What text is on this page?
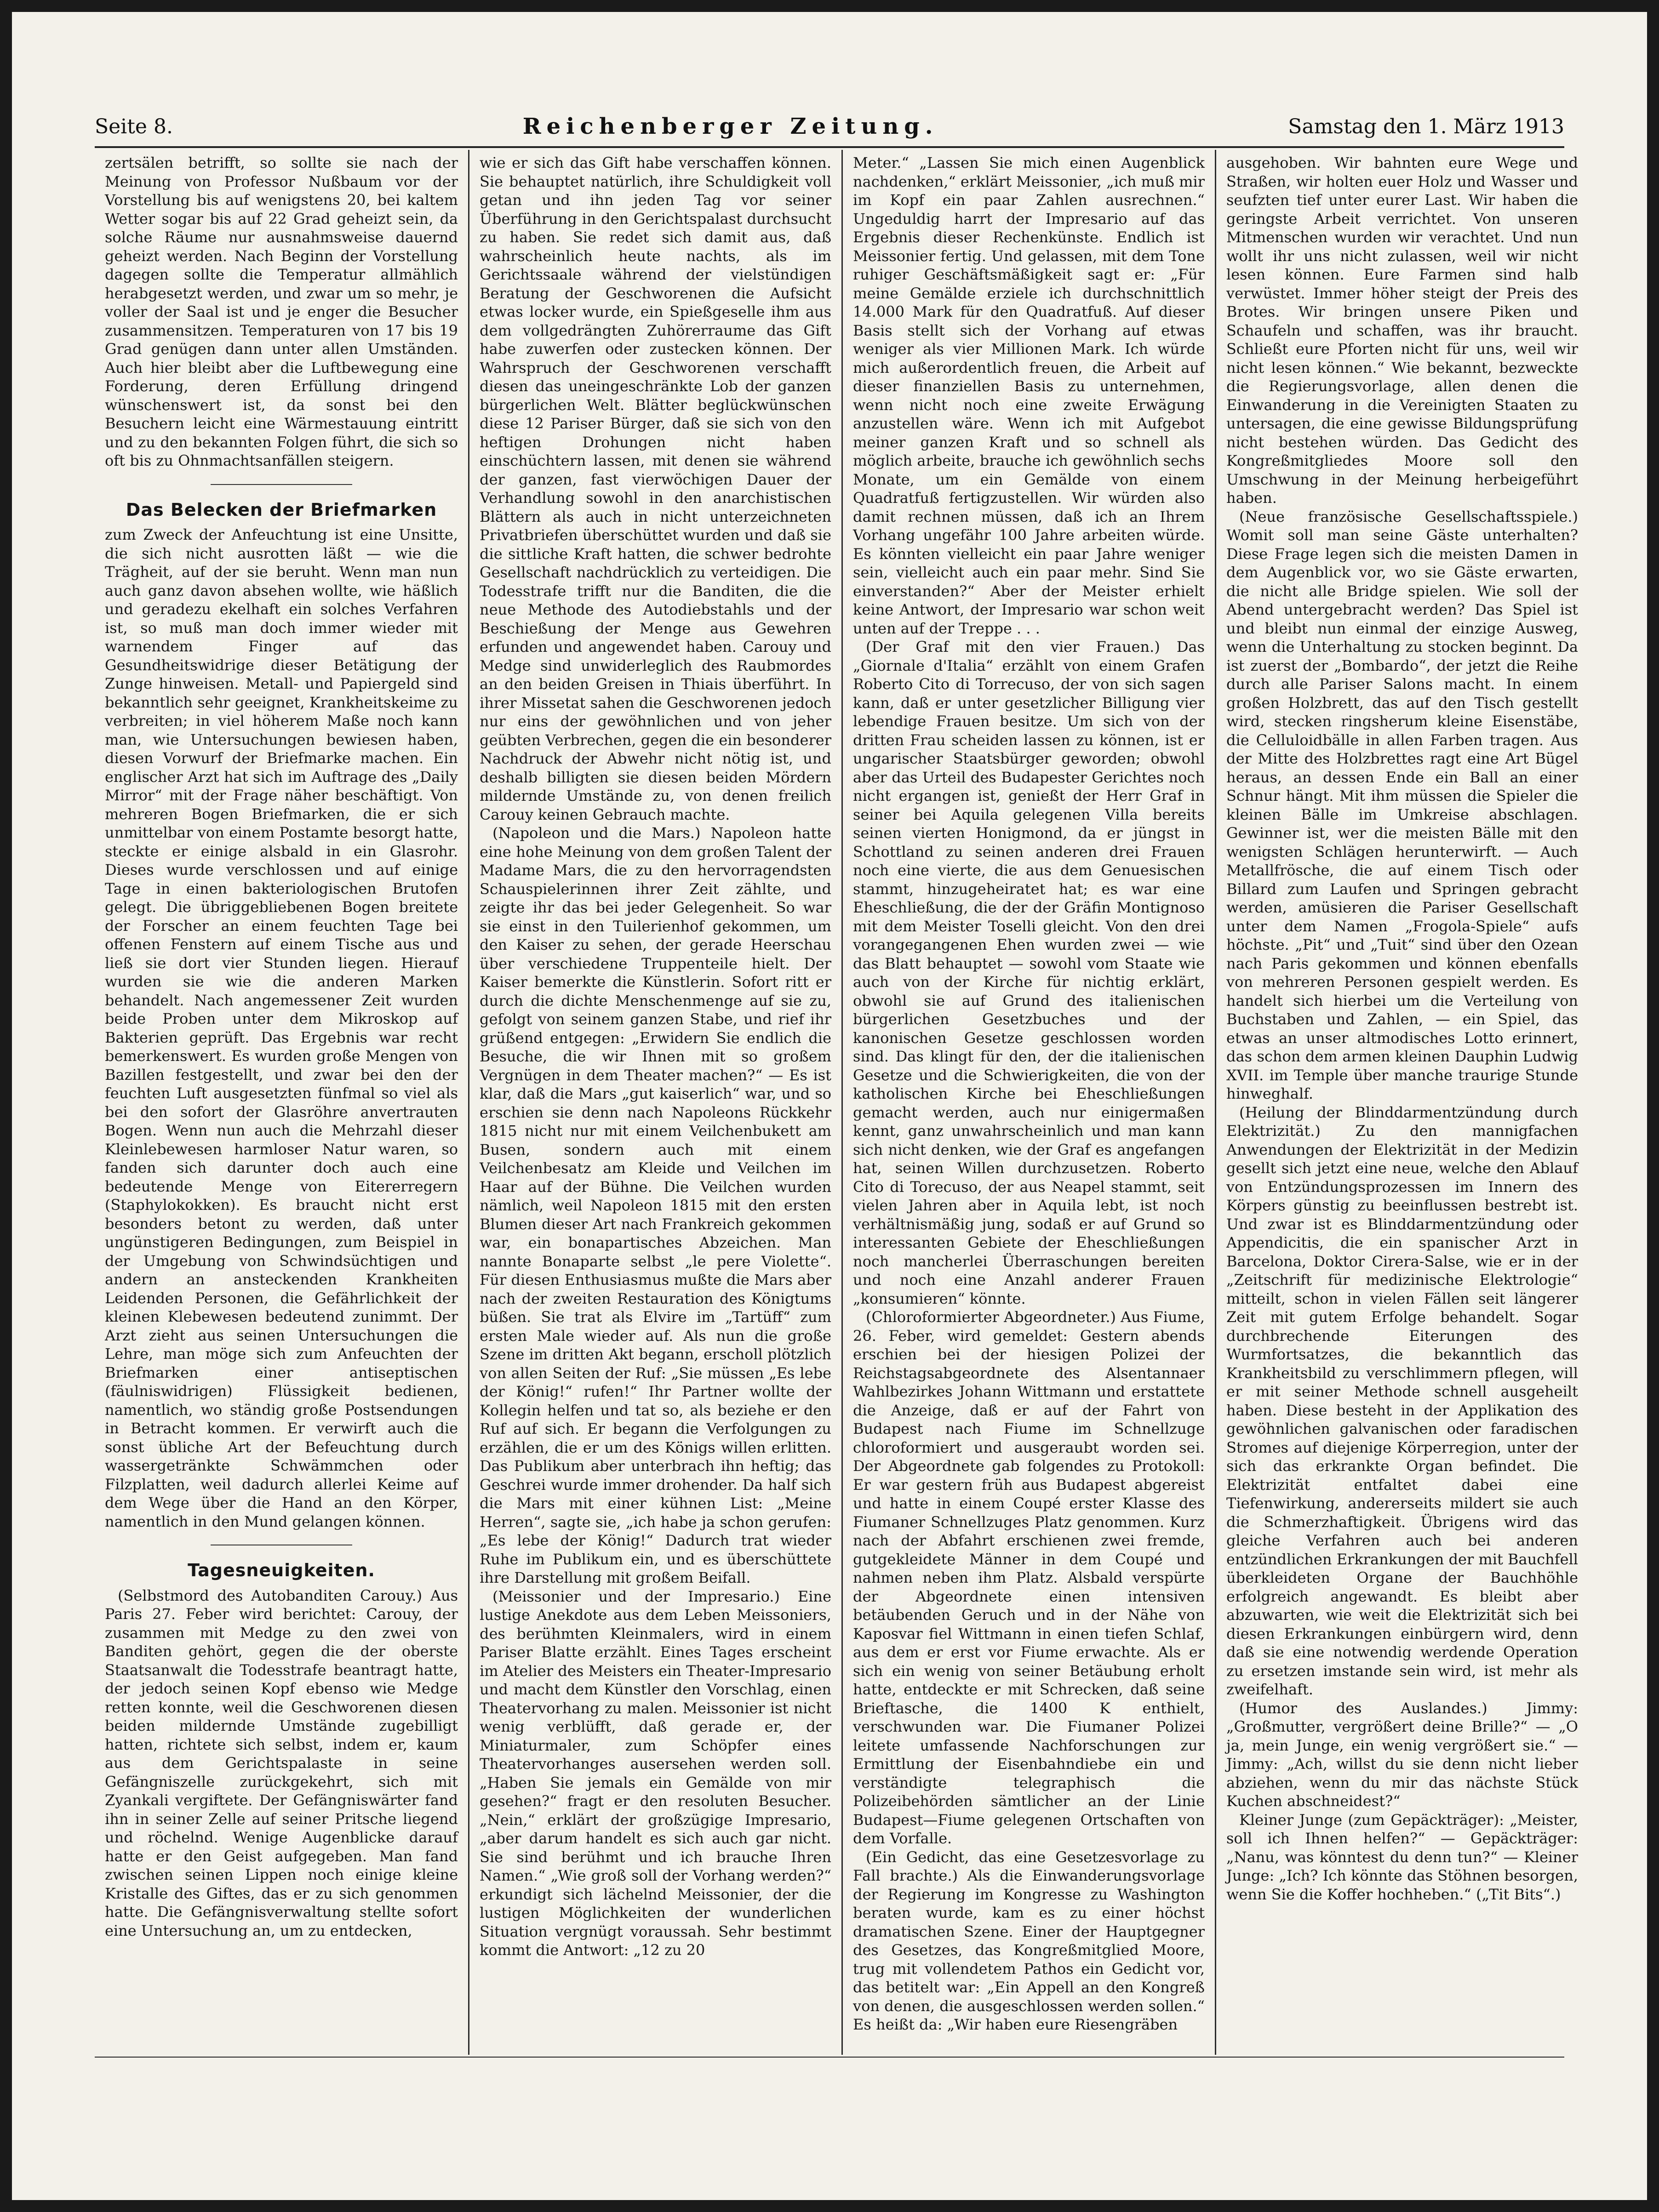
Seite 8.	Reichenberger Zeitung.	Samstag den 1. März 1913

zertsälen betrifft, so sollte sie nach der Meinung von Professor Nußbaum vor der Vorstellung bis auf wenigstens 20, bei kaltem Wetter sogar bis auf 22 Grad geheizt sein, da solche Räume nur ausnahmsweise dauernd geheizt werden. Nach Beginn der Vorstellung dagegen sollte die Temperatur allmählich herabgesetzt werden, und zwar um so mehr, je voller der Saal ist und je enger die Besucher zusammensitzen. Temperaturen von 17 bis 19 Grad genügen dann unter allen Umständen. Auch hier bleibt aber die Luftbewegung eine Forderung, deren Erfüllung dringend wünschenswert ist, da sonst bei den Besuchern leicht eine Wärmestauung eintritt und zu den bekannten Folgen führt, die sich so oft bis zu Ohnmachtsanfällen steigern.

Das Belecken der Briefmarken

zum Zweck der Anfeuchtung ist eine Unsitte, die sich nicht ausrotten läßt — wie die Trägheit, auf der sie beruht. Wenn man nun auch ganz davon absehen wollte, wie häßlich und geradezu ekelhaft ein solches Verfahren ist, so muß man doch immer wieder mit warnendem Finger auf das Gesundheitswidrige dieser Betätigung der Zunge hinweisen. Metall- und Papiergeld sind bekanntlich sehr geeignet, Krankheitskeime zu verbreiten; in viel höherem Maße noch kann man, wie Untersuchungen bewiesen haben, diesen Vorwurf der Briefmarke machen. Ein englischer Arzt hat sich im Auftrage des „Daily Mirror“ mit der Frage näher beschäftigt. Von mehreren Bogen Briefmarken, die er sich unmittelbar von einem Postamte besorgt hatte, steckte er einige alsbald in ein Glasrohr. Dieses wurde verschlossen und auf einige Tage in einen bakteriologischen Brutofen gelegt. Die übriggebliebenen Bogen breitete der Forscher an einem feuchten Tage bei offenen Fenstern auf einem Tische aus und ließ sie dort vier Stunden liegen. Hierauf wurden sie wie die anderen Marken behandelt. Nach angemessener Zeit wurden beide Proben unter dem Mikroskop auf Bakterien geprüft. Das Ergebnis war recht bemerkenswert. Es wurden große Mengen von Bazillen festgestellt, und zwar bei den der feuchten Luft ausgesetzten fünfmal so viel als bei den sofort der Glasröhre anvertrauten Bogen. Wenn nun auch die Mehrzahl dieser Kleinlebewesen harmloser Natur waren, so fanden sich darunter doch auch eine bedeutende Menge von Eitererregern (Staphylokokken). Es braucht nicht erst besonders betont zu werden, daß unter ungünstigeren Bedingungen, zum Beispiel in der Umgebung von Schwindsüchtigen und andern an ansteckenden Krankheiten Leidenden Personen, die Gefährlichkeit der kleinen Klebewesen bedeutend zunimmt. Der Arzt zieht aus seinen Untersuchungen die Lehre, man möge sich zum Anfeuchten der Briefmarken einer antiseptischen (fäulniswidrigen) Flüssigkeit bedienen, namentlich, wo ständig große Postsendungen in Betracht kommen. Er verwirft auch die sonst übliche Art der Befeuchtung durch wassergetränkte Schwämmchen oder Filzplatten, weil dadurch allerlei Keime auf dem Wege über die Hand an den Körper, namentlich in den Mund gelangen können.

Tagesneuigkeiten.

(Selbstmord des Autobanditen Carouy.) Aus Paris 27. Feber wird berichtet: Carouy, der zusammen mit Medge zu den zwei von Banditen gehört, gegen die der oberste Staatsanwalt die Todesstrafe beantragt hatte, der jedoch seinen Kopf ebenso wie Medge retten konnte, weil die Geschworenen diesen beiden mildernde Umstände zugebilligt hatten, richtete sich selbst, indem er, kaum aus dem Gerichtspalaste in seine Gefängniszelle zurückgekehrt, sich mit Zyankali vergiftete. Der Gefängniswärter fand ihn in seiner Zelle auf seiner Pritsche liegend und röchelnd. Wenige Augenblicke darauf hatte er den Geist aufgegeben. Man fand zwischen seinen Lippen noch einige kleine Kristalle des Giftes, das er zu sich genommen hatte. Die Gefängnisverwaltung stellte sofort eine Untersuchung an, um zu entdecken,

wie er sich das Gift habe verschaffen können. Sie behauptet natürlich, ihre Schuldigkeit voll getan und ihn jeden Tag vor seiner Überführung in den Gerichtspalast durchsucht zu haben. Sie redet sich damit aus, daß wahrscheinlich heute nachts, als im Gerichtssaale während der vielstündigen Beratung der Geschworenen die Aufsicht etwas locker wurde, ein Spießgeselle ihm aus dem vollgedrängten Zuhörerraume das Gift habe zuwerfen oder zustecken können. Der Wahrspruch der Geschworenen verschafft diesen das uneingeschränkte Lob der ganzen bürgerlichen Welt. Blätter beglückwünschen diese 12 Pariser Bürger, daß sie sich von den heftigen Drohungen nicht haben einschüchtern lassen, mit denen sie während der ganzen, fast vierwöchigen Dauer der Verhandlung sowohl in den anarchistischen Blättern als auch in nicht unterzeichneten Privatbriefen überschüttet wurden und daß sie die sittliche Kraft hatten, die schwer bedrohte Gesellschaft nachdrücklich zu verteidigen. Die Todesstrafe trifft nur die Banditen, die die neue Methode des Autodiebstahls und der Beschießung der Menge aus Gewehren erfunden und angewendet haben. Carouy und Medge sind unwiderleglich des Raubmordes an den beiden Greisen in Thiais überführt. In ihrer Missetat sahen die Geschworenen jedoch nur eins der gewöhnlichen und von jeher geübten Verbrechen, gegen die ein besonderer Nachdruck der Abwehr nicht nötig ist, und deshalb billigten sie diesen beiden Mördern mildernde Umstände zu, von denen freilich Carouy keinen Gebrauch machte.

(Napoleon und die Mars.) Napoleon hatte eine hohe Meinung von dem großen Talent der Madame Mars, die zu den hervorragendsten Schauspielerinnen ihrer Zeit zählte, und zeigte ihr das bei jeder Gelegenheit. So war sie einst in den Tuilerienhof gekommen, um den Kaiser zu sehen, der gerade Heerschau über verschiedene Truppenteile hielt. Der Kaiser bemerkte die Künstlerin. Sofort ritt er durch die dichte Menschenmenge auf sie zu, gefolgt von seinem ganzen Stabe, und rief ihr grüßend entgegen: „Erwidern Sie endlich die Besuche, die wir Ihnen mit so großem Vergnügen in dem Theater machen?“ — Es ist klar, daß die Mars „gut kaiserlich“ war, und so erschien sie denn nach Napoleons Rückkehr 1815 nicht nur mit einem Veilchenbukett am Busen, sondern auch mit einem Veilchenbesatz am Kleide und Veilchen im Haar auf der Bühne. Die Veilchen wurden nämlich, weil Napoleon 1815 mit den ersten Blumen dieser Art nach Frankreich gekommen war, ein bonapartisches Abzeichen. Man nannte Bonaparte selbst „le pere Violette“. Für diesen Enthusiasmus mußte die Mars aber nach der zweiten Restauration des Königtums büßen. Sie trat als Elvire im „Tartüff“ zum ersten Male wieder auf. Als nun die große Szene im dritten Akt begann, erscholl plötzlich von allen Seiten der Ruf: „Sie müssen „Es lebe der König!“ rufen!“ Ihr Partner wollte der Kollegin helfen und tat so, als beziehe er den Ruf auf sich. Er begann die Verfolgungen zu erzählen, die er um des Königs willen erlitten. Das Publikum aber unterbrach ihn heftig; das Geschrei wurde immer drohender. Da half sich die Mars mit einer kühnen List: „Meine Herren“, sagte sie, „ich habe ja schon gerufen: „Es lebe der König!“ Dadurch trat wieder Ruhe im Publikum ein, und es überschüttete ihre Darstellung mit großem Beifall.

(Meissonier und der Impresario.) Eine lustige Anekdote aus dem Leben Meissoniers, des berühmten Kleinmalers, wird in einem Pariser Blatte erzählt. Eines Tages erscheint im Atelier des Meisters ein Theater-Impresario und macht dem Künstler den Vorschlag, einen Theatervorhang zu malen. Meissonier ist nicht wenig verblüfft, daß gerade er, der Miniaturmaler, zum Schöpfer eines Theatervorhanges ausersehen werden soll. „Haben Sie jemals ein Gemälde von mir gesehen?“ fragt er den resoluten Besucher. „Nein,“ erklärt der großzügige Impresario, „aber darum handelt es sich auch gar nicht. Sie sind berühmt und ich brauche Ihren Namen.“ „Wie groß soll der Vorhang werden?“ erkundigt sich lächelnd Meissonier, der die lustigen Möglichkeiten der wunderlichen Situation vergnügt voraussah. Sehr bestimmt kommt die Antwort: „12 zu 20

Meter.“ „Lassen Sie mich einen Augenblick nachdenken,“ erklärt Meissonier, „ich muß mir im Kopf ein paar Zahlen ausrechnen.“ Ungeduldig harrt der Impresario auf das Ergebnis dieser Rechenkünste. Endlich ist Meissonier fertig. Und gelassen, mit dem Tone ruhiger Geschäftsmäßigkeit sagt er: „Für meine Gemälde erziele ich durchschnittlich 14.000 Mark für den Quadratfuß. Auf dieser Basis stellt sich der Vorhang auf etwas weniger als vier Millionen Mark. Ich würde mich außerordentlich freuen, die Arbeit auf dieser finanziellen Basis zu unternehmen, wenn nicht noch eine zweite Erwägung anzustellen wäre. Wenn ich mit Aufgebot meiner ganzen Kraft und so schnell als möglich arbeite, brauche ich gewöhnlich sechs Monate, um ein Gemälde von einem Quadratfuß fertigzustellen. Wir würden also damit rechnen müssen, daß ich an Ihrem Vorhang ungefähr 100 Jahre arbeiten würde. Es könnten vielleicht ein paar Jahre weniger sein, vielleicht auch ein paar mehr. Sind Sie einverstanden?“ Aber der Meister erhielt keine Antwort, der Impresario war schon weit unten auf der Treppe . . .

(Der Graf mit den vier Frauen.) Das „Giornale d'Italia“ erzählt von einem Grafen Roberto Cito di Torrecuso, der von sich sagen kann, daß er unter gesetzlicher Billigung vier lebendige Frauen besitze. Um sich von der dritten Frau scheiden lassen zu können, ist er ungarischer Staatsbürger geworden; obwohl aber das Urteil des Budapester Gerichtes noch nicht ergangen ist, genießt der Herr Graf in seiner bei Aquila gelegenen Villa bereits seinen vierten Honigmond, da er jüngst in Schottland zu seinen anderen drei Frauen noch eine vierte, die aus dem Genuesischen stammt, hinzugeheiratet hat; es war eine Eheschließung, die der der Gräfin Montignoso mit dem Meister Toselli gleicht. Von den drei vorangegangenen Ehen wurden zwei — wie das Blatt behauptet — sowohl vom Staate wie auch von der Kirche für nichtig erklärt, obwohl sie auf Grund des italienischen bürgerlichen Gesetzbuches und der kanonischen Gesetze geschlossen worden sind. Das klingt für den, der die italienischen Gesetze und die Schwierigkeiten, die von der katholischen Kirche bei Eheschließungen gemacht werden, auch nur einigermaßen kennt, ganz unwahrscheinlich und man kann sich nicht denken, wie der Graf es angefangen hat, seinen Willen durchzusetzen. Roberto Cito di Torecuso, der aus Neapel stammt, seit vielen Jahren aber in Aquila lebt, ist noch verhältnismäßig jung, sodaß er auf Grund so interessanten Gebiete der Eheschließungen noch mancherlei Überraschungen bereiten und noch eine Anzahl anderer Frauen „konsumieren“ könnte.

(Chloroformierter Abgeordneter.) Aus Fiume, 26. Feber, wird gemeldet: Gestern abends erschien bei der hiesigen Polizei der Reichstagsabgeordnete des Alsentannaer Wahlbezirkes Johann Wittmann und erstattete die Anzeige, daß er auf der Fahrt von Budapest nach Fiume im Schnellzuge chloroformiert und ausgeraubt worden sei. Der Abgeordnete gab folgendes zu Protokoll: Er war gestern früh aus Budapest abgereist und hatte in einem Coupé erster Klasse des Fiumaner Schnellzuges Platz genommen. Kurz nach der Abfahrt erschienen zwei fremde, gutgekleidete Männer in dem Coupé und nahmen neben ihm Platz. Alsbald verspürte der Abgeordnete einen intensiven betäubenden Geruch und in der Nähe von Kaposvar fiel Wittmann in einen tiefen Schlaf, aus dem er erst vor Fiume erwachte. Als er sich ein wenig von seiner Betäubung erholt hatte, entdeckte er mit Schrecken, daß seine Brieftasche, die 1400 K enthielt, verschwunden war. Die Fiumaner Polizei leitete umfassende Nachforschungen zur Ermittlung der Eisenbahndiebe ein und verständigte telegraphisch die Polizeibehörden sämtlicher an der Linie Budapest—Fiume gelegenen Ortschaften von dem Vorfalle.

(Ein Gedicht, das eine Gesetzesvorlage zu Fall brachte.) Als die Einwanderungsvorlage der Regierung im Kongresse zu Washington beraten wurde, kam es zu einer höchst dramatischen Szene. Einer der Hauptgegner des Gesetzes, das Kongreßmitglied Moore, trug mit vollendetem Pathos ein Gedicht vor, das betitelt war: „Ein Appell an den Kongreß von denen, die ausgeschlossen werden sollen.“ Es heißt da: „Wir haben eure Riesengräben

ausgehoben. Wir bahnten eure Wege und Straßen, wir holten euer Holz und Wasser und seufzten tief unter eurer Last. Wir haben die geringste Arbeit verrichtet. Von unseren Mitmenschen wurden wir verachtet. Und nun wollt ihr uns nicht zulassen, weil wir nicht lesen können. Eure Farmen sind halb verwüstet. Immer höher steigt der Preis des Brotes. Wir bringen unsere Piken und Schaufeln und schaffen, was ihr braucht. Schließt eure Pforten nicht für uns, weil wir nicht lesen können.“ Wie bekannt, bezweckte die Regierungsvorlage, allen denen die Einwanderung in die Vereinigten Staaten zu untersagen, die eine gewisse Bildungsprüfung nicht bestehen würden. Das Gedicht des Kongreßmitgliedes Moore soll den Umschwung in der Meinung herbeigeführt haben.

(Neue französische Gesellschaftsspiele.) Womit soll man seine Gäste unterhalten? Diese Frage legen sich die meisten Damen in dem Augenblick vor, wo sie Gäste erwarten, die nicht alle Bridge spielen. Wie soll der Abend untergebracht werden? Das Spiel ist und bleibt nun einmal der einzige Ausweg, wenn die Unterhaltung zu stocken beginnt. Da ist zuerst der „Bombardo“, der jetzt die Reihe durch alle Pariser Salons macht. In einem großen Holzbrett, das auf den Tisch gestellt wird, stecken ringsherum kleine Eisenstäbe, die Celluloidbälle in allen Farben tragen. Aus der Mitte des Holzbrettes ragt eine Art Bügel heraus, an dessen Ende ein Ball an einer Schnur hängt. Mit ihm müssen die Spieler die kleinen Bälle im Umkreise abschlagen. Gewinner ist, wer die meisten Bälle mit den wenigsten Schlägen herunterwirft. — Auch Metallfrösche, die auf einem Tisch oder Billard zum Laufen und Springen gebracht werden, amüsieren die Pariser Gesellschaft unter dem Namen „Frogola-Spiele“ aufs höchste. „Pit“ und „Tuit“ sind über den Ozean nach Paris gekommen und können ebenfalls von mehreren Personen gespielt werden. Es handelt sich hierbei um die Verteilung von Buchstaben und Zahlen, — ein Spiel, das etwas an unser altmodisches Lotto erinnert, das schon dem armen kleinen Dauphin Ludwig XVII. im Temple über manche traurige Stunde hinweghalf.

(Heilung der Blinddarmentzündung durch Elektrizität.) Zu den mannigfachen Anwendungen der Elektrizität in der Medizin gesellt sich jetzt eine neue, welche den Ablauf von Entzündungsprozessen im Innern des Körpers günstig zu beeinflussen bestrebt ist. Und zwar ist es Blinddarmentzündung oder Appendicitis, die ein spanischer Arzt in Barcelona, Doktor Cirera-Salse, wie er in der „Zeitschrift für medizinische Elektrologie“ mitteilt, schon in vielen Fällen seit längerer Zeit mit gutem Erfolge behandelt. Sogar durchbrechende Eiterungen des Wurmfortsatzes, die bekanntlich das Krankheitsbild zu verschlimmern pflegen, will er mit seiner Methode schnell ausgeheilt haben. Diese besteht in der Applikation des gewöhnlichen galvanischen oder faradischen Stromes auf diejenige Körperregion, unter der sich das erkrankte Organ befindet. Die Elektrizität entfaltet dabei eine Tiefenwirkung, andererseits mildert sie auch die Schmerzhaftigkeit. Übrigens wird das gleiche Verfahren auch bei anderen entzündlichen Erkrankungen der mit Bauchfell überkleideten Organe der Bauchhöhle erfolgreich angewandt. Es bleibt aber abzuwarten, wie weit die Elektrizität sich bei diesen Erkrankungen einbürgern wird, denn daß sie eine notwendig werdende Operation zu ersetzen imstande sein wird, ist mehr als zweifelhaft.

(Humor des Auslandes.) Jimmy: „Großmutter, vergrößert deine Brille?“ — „O ja, mein Junge, ein wenig vergrößert sie.“ — Jimmy: „Ach, willst du sie denn nicht lieber abziehen, wenn du mir das nächste Stück Kuchen abschneidest?“

Kleiner Junge (zum Gepäckträger): „Meister, soll ich Ihnen helfen?“ — Gepäckträger: „Nanu, was könntest du denn tun?“ — Kleiner Junge: „Ich? Ich könnte das Stöhnen besorgen, wenn Sie die Koffer hochheben.“ („Tit Bits“.)
